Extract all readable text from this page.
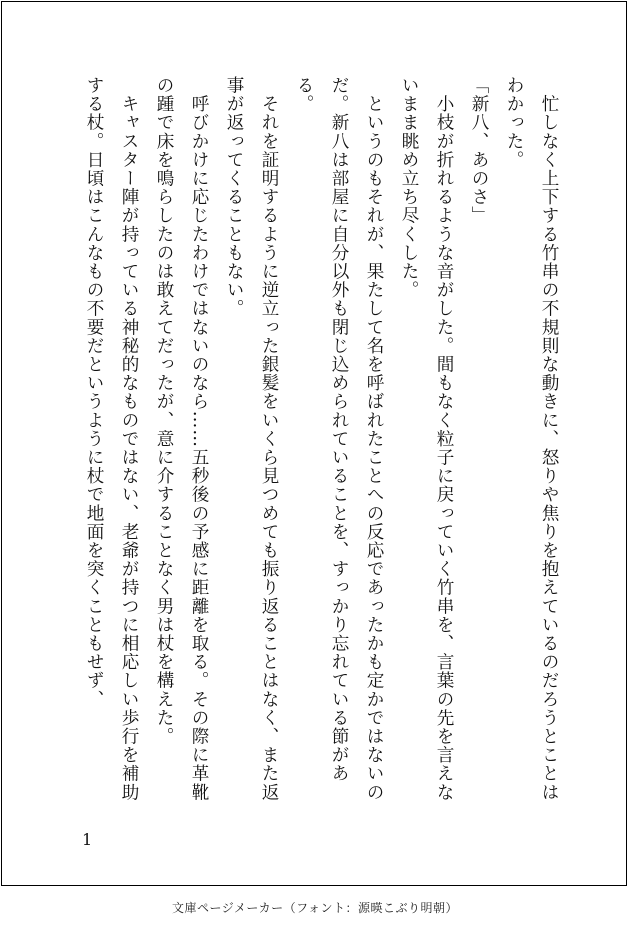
　忙しなく上下する竹串の不規則な動きに、怒りや焦りを抱えているのだろうとことはわかった。

「新八、あのさ」

　小枝が折れるような音がした。間もなく粒子に戻っていく竹串を、言葉の先を言えないまま眺め立ち尽くした。

　というのもそれが、果たして名を呼ばれたことへの反応であったかも定かではないのだ。新八は部屋に自分以外も閉じ込められていることを、すっかり忘れている節がある。

　それを証明するように逆立った銀髪をいくら見つめても振り返ることはなく、また返事が返ってくることもない。

　呼びかけに応じたわけではないのなら……五秒後の予感に距離を取る。その際に革靴の踵で床を鳴らしたのは敢えてだったが、意に介することなく男は杖を構えた。

　キャスター陣が持っている神秘的なものではない、老爺が持つに相応しい歩行を補助する杖。日頃はこんなもの不要だというように杖で地面を突くこともせず、

1
文庫ページメーカー（フォント：源暎こぶり明朝）
